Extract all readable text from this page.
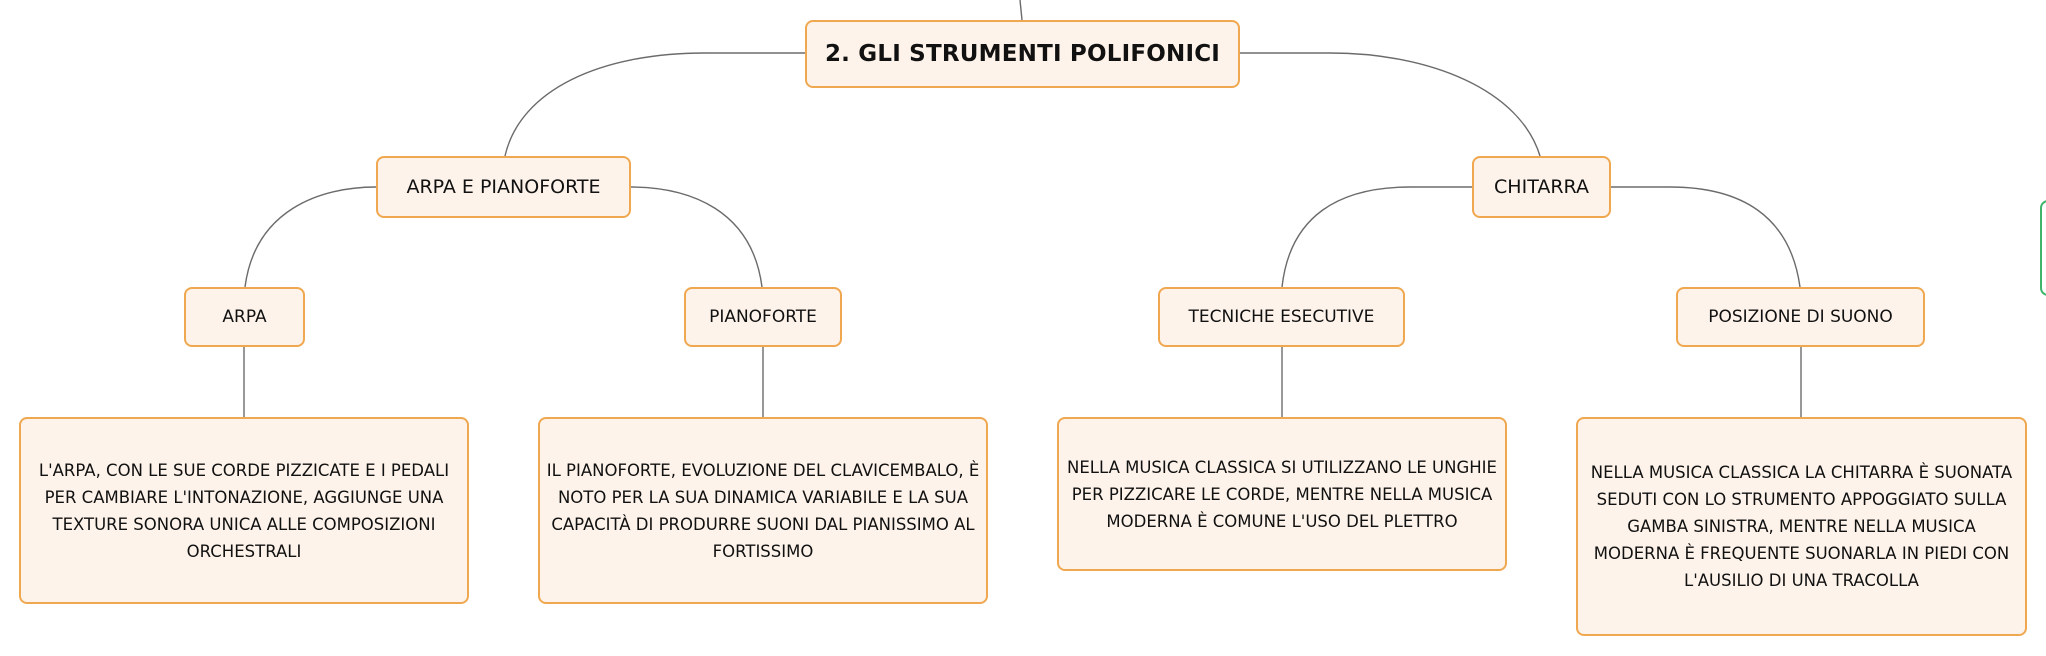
2. GLI STRUMENTI POLIFONICI
ARPA E PIANOFORTE	CHITARRA
ARPA	PIANOFORTE	TECNICHE ESECUTIVE	POSIZIONE DI SUONO
L'ARPA, CON LE SUE CORDE PIZZICATE E I PEDALI PER CAMBIARE L'INTONAZIONE, AGGIUNGE UNA TEXTURE SONORA UNICA ALLE COMPOSIZIONI ORCHESTRALI
IL PIANOFORTE, EVOLUZIONE DEL CLAVICEMBALO, È NOTO PER LA SUA DINAMICA VARIABILE E LA SUA CAPACITÀ DI PRODURRE SUONI DAL PIANISSIMO AL FORTISSIMO
NELLA MUSICA CLASSICA SI UTILIZZANO LE UNGHIE PER PIZZICARE LE CORDE, MENTRE NELLA MUSICA MODERNA È COMUNE L'USO DEL PLETTRO
NELLA MUSICA CLASSICA LA CHITARRA È SUONATA SEDUTI CON LO STRUMENTO APPOGGIATO SULLA GAMBA SINISTRA, MENTRE NELLA MUSICA MODERNA È FREQUENTE SUONARLA IN PIEDI CON L'AUSILIO DI UNA TRACOLLA
